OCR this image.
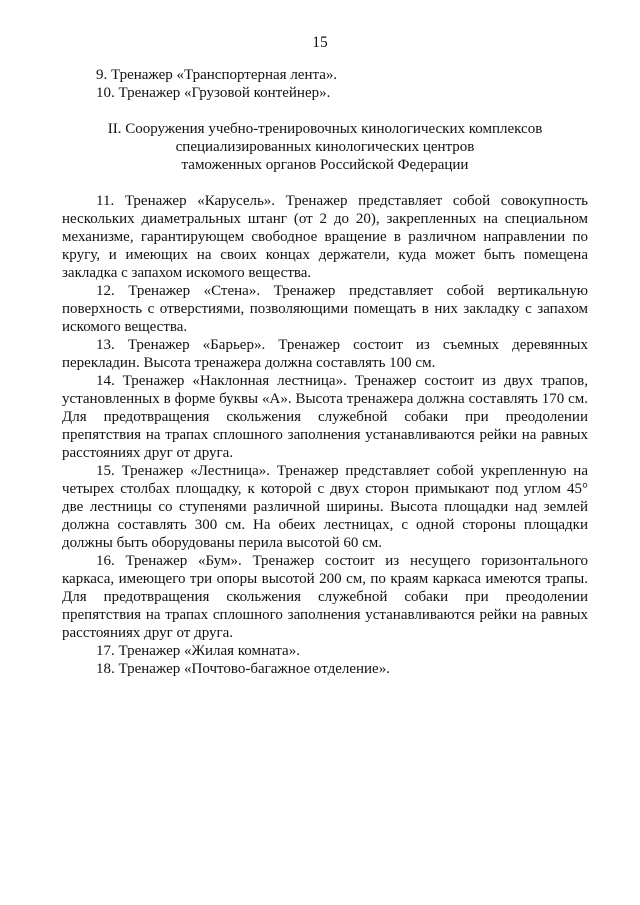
15

9. Тренажер «Транспортерная лента».

10. Тренажер «Грузовой контейнер».

II. Сооружения учебно-тренировочных кинологических комплексов
специализированных кинологических центров
таможенных органов Российской Федерации

11. Тренажер «Карусель». Тренажер представляет собой совокупность нескольких диаметральных штанг (от 2 до 20), закрепленных на специальном механизме, гарантирующем свободное вращение в различном направлении по кругу, и имеющих на своих концах держатели, куда может быть помещена закладка с запахом искомого вещества.

12. Тренажер «Стена». Тренажер представляет собой вертикальную поверхность с отверстиями, позволяющими помещать в них закладку с запахом искомого вещества.

13. Тренажер «Барьер». Тренажер состоит из съемных деревянных перекладин. Высота тренажера должна составлять 100 см.

14. Тренажер «Наклонная лестница». Тренажер состоит из двух трапов, установленных в форме буквы «А». Высота тренажера должна составлять 170 см. Для предотвращения скольжения служебной собаки при преодолении препятствия на трапах сплошного заполнения устанавливаются рейки на равных расстояниях друг от друга.

15. Тренажер «Лестница». Тренажер представляет собой укрепленную на четырех столбах площадку, к которой с двух сторон примыкают под углом 45° две лестницы со ступенями различной ширины. Высота площадки над землей должна составлять 300 см. На обеих лестницах, с одной стороны площадки должны быть оборудованы перила высотой 60 см.

16. Тренажер «Бум». Тренажер состоит из несущего горизонтального каркаса, имеющего три опоры высотой 200 см, по краям каркаса имеются трапы. Для предотвращения скольжения служебной собаки при преодолении препятствия на трапах сплошного заполнения устанавливаются рейки на равных расстояниях друг от друга.

17. Тренажер «Жилая комната».

18. Тренажер «Почтово-багажное отделение».
